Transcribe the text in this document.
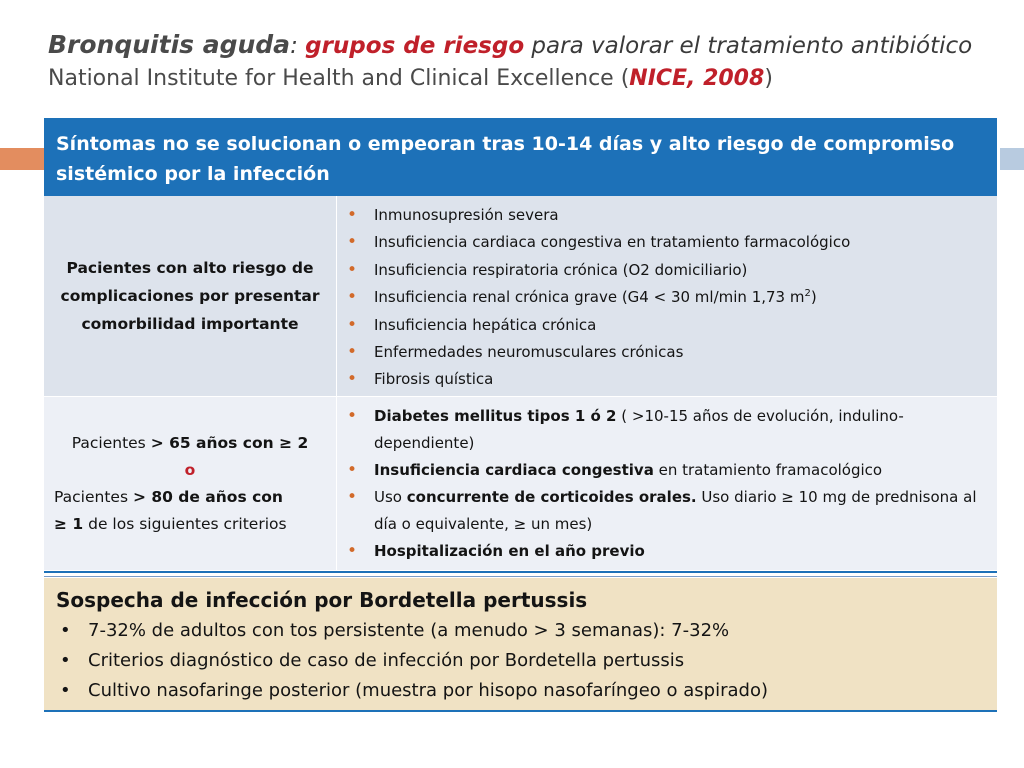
Bronquitis aguda: grupos de riesgo para valorar el tratamiento antibiótico
National Institute for Health and Clinical Excellence (NICE, 2008)
Síntomas no se solucionan o empeoran tras 10-14 días y alto riesgo de compromiso sistémico por la infección
Pacientes con alto riesgo de complicaciones por presentar comorbilidad importante
• Inmunosupresión severa
• Insuficiencia cardiaca congestiva en tratamiento farmacológico
• Insuficiencia respiratoria crónica (O2 domiciliario)
• Insuficiencia renal crónica grave (G4 < 30 ml/min 1,73 $m^2$)
• Insuficiencia hepática crónica
• Enfermedades neuromusculares crónicas
• Fibrosis quística
Pacientes > 65 años con ≥ 2
o
Pacientes > 80 de años con
≥ 1 de los siguientes criterios
• Diabetes mellitus tipos 1 ó 2 ( >10-15 años de evolución, indulino-dependiente)
• Insuficiencia cardiaca congestiva en tratamiento framacológico
• Uso concurrente de corticoides orales. Uso diario ≥ 10 mg de prednisona al día o equivalente, ≥ un mes)
• Hospitalización en el año previo
Sospecha de infección por Bordetella pertussis
• 7-32% de adultos con tos persistente (a menudo > 3 semanas): 7-32%
• Criterios diagnóstico de caso de infección por Bordetella pertussis
• Cultivo nasofaringe posterior (muestra por hisopo nasofaríngeo o aspirado)
